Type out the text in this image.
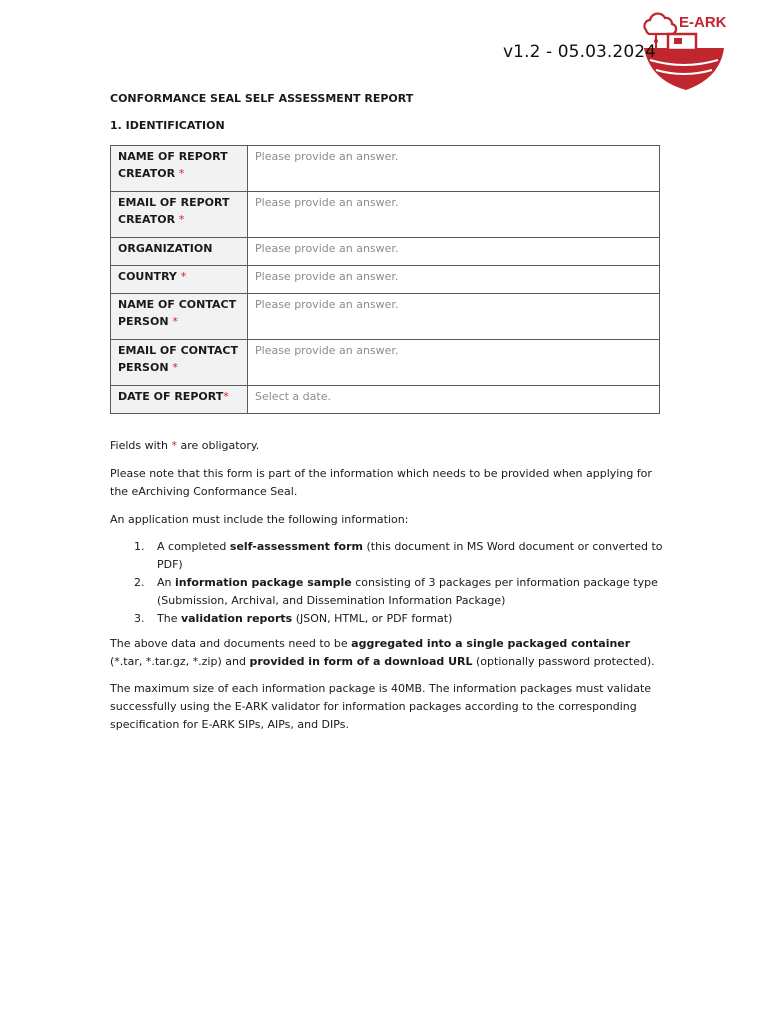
E-ARK
v1.2 - 05.03.2024
CONFORMANCE SEAL SELF ASSESSMENT REPORT
1. IDENTIFICATION
NAME OF REPORT
CREATOR *	Please provide an answer.
EMAIL OF REPORT
CREATOR *	Please provide an answer.
ORGANIZATION	Please provide an answer.
COUNTRY *	Please provide an answer.
NAME OF CONTACT
PERSON *	Please provide an answer.
EMAIL OF CONTACT
PERSON *	Please provide an answer.
DATE OF REPORT*	Select a date.

Fields with * are obligatory.

Please note that this form is part of the information which needs to be provided when applying for the eArchiving Conformance Seal.

An application must include the following information:

1. A completed self-assessment form (this document in MS Word document or converted to PDF)
2. An information package sample consisting of 3 packages per information package type (Submission, Archival, and Dissemination Information Package)
3. The validation reports (JSON, HTML, or PDF format)

The above data and documents need to be aggregated into a single packaged container (*.tar, *.tar.gz, *.zip) and provided in form of a download URL (optionally password protected).

The maximum size of each information package is 40MB. The information packages must validate successfully using the E-ARK validator for information packages according to the corresponding specification for E-ARK SIPs, AIPs, and DIPs.
